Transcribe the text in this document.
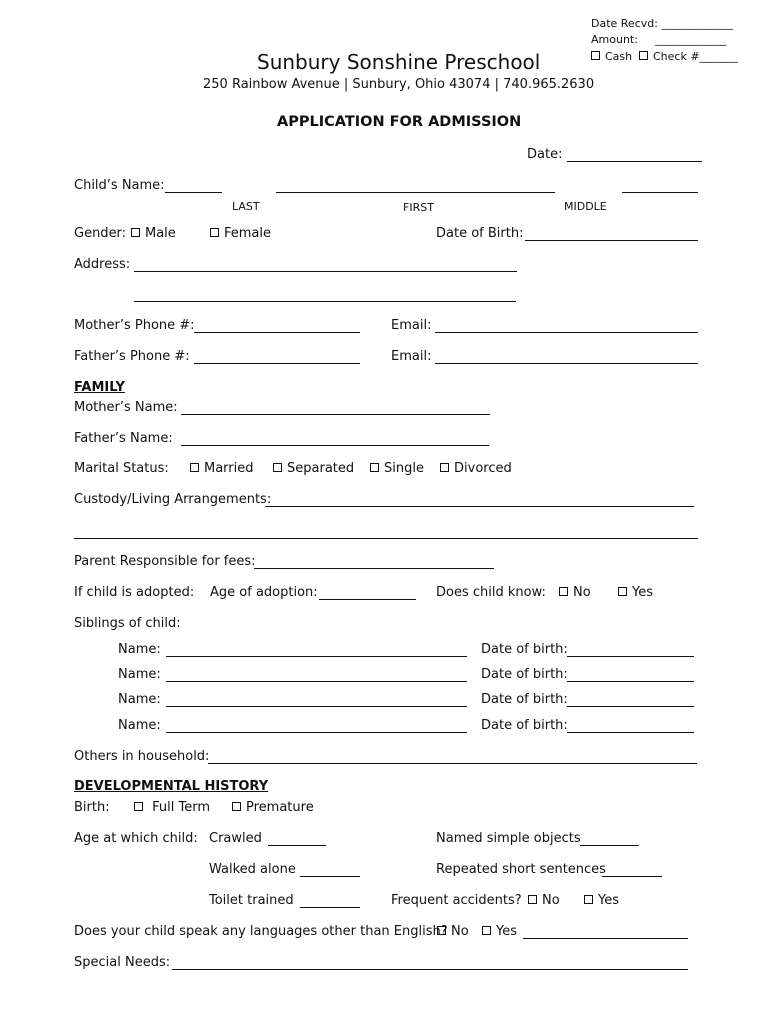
Date Recvd: _____________
Amount: _____________
Cash	Check #_______
Sunbury Sonshine Preschool
250 Rainbow Avenue | Sunbury, Ohio 43074 | 740.965.2630
APPLICATION FOR ADMISSION
Date:
Child’s Name:
LAST	FIRST	MIDDLE
Gender:	Male	Female	Date of Birth:
Address:
Mother’s Phone #:	Email:
Father’s Phone #:	Email:
FAMILY
Mother’s Name:
Father’s Name:
Marital Status:	Married	Separated	Single	Divorced
Custody/Living Arrangements:
Parent Responsible for fees:
If child is adopted: Age of adoption:	Does child know:	No	Yes
Siblings of child:
Name:	Date of birth:
Name:	Date of birth:
Name:	Date of birth:
Name:	Date of birth:
Others in household:
DEVELOPMENTAL HISTORY
Birth:	Full Term	Premature
Age at which child: Crawled	Named simple objects
Walked alone	Repeated short sentences
Toilet trained	Frequent accidents?	No	Yes
Does your child speak any languages other than English? No	Yes
Special Needs:
